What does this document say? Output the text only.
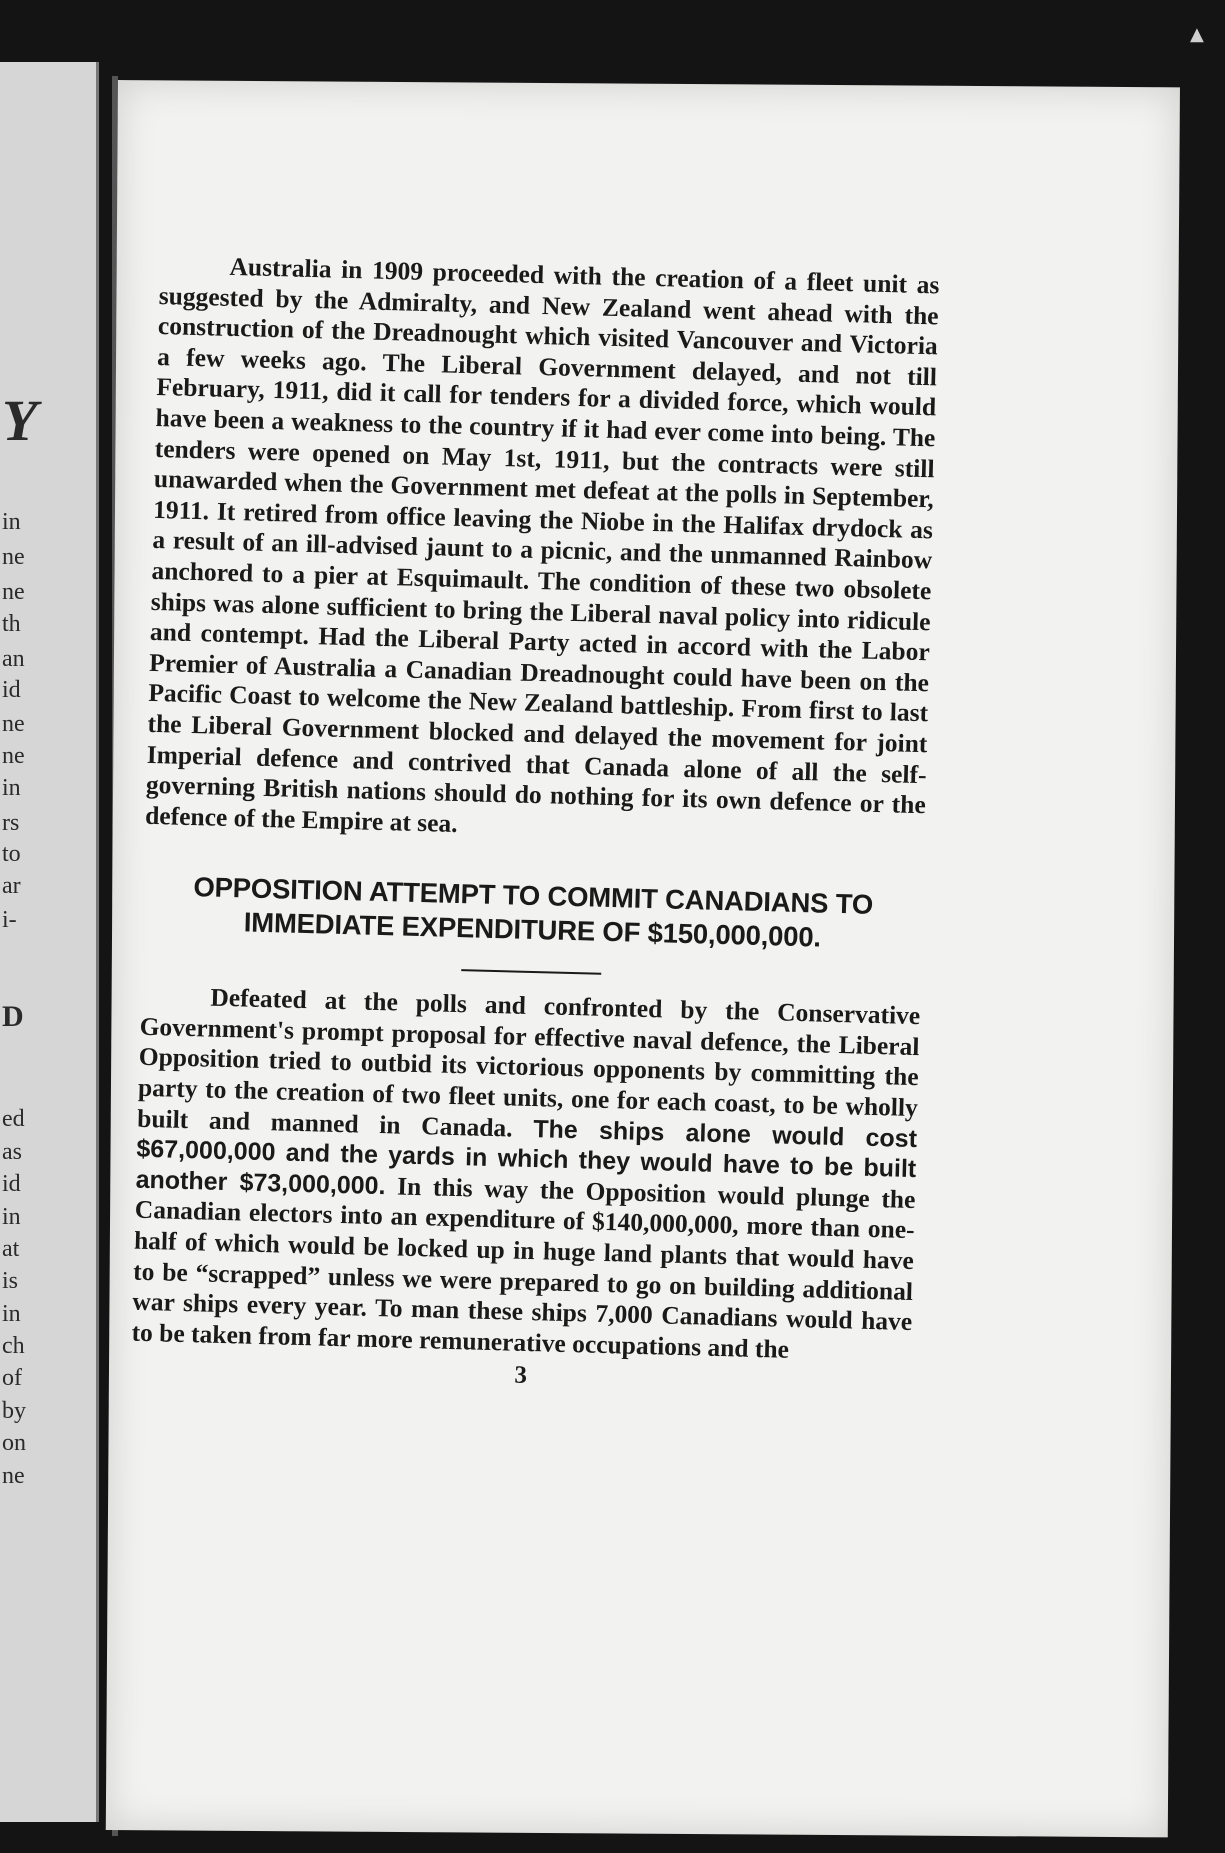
Y
in
ne
ne
th
an
id
ne
ne
in
rs
to
ar
i-
D
ed
as
id
in
at
is
in
ch
of
by
on
ne
▲

Australia in 1909 proceeded with the creation of a fleet unit as suggested by the Admiralty, and New Zealand went ahead with the construction of the Dreadnought which visited Vancouver and Victoria a few weeks ago. The Liberal Government delayed, and not till February, 1911, did it call for tenders for a divided force, which would have been a weakness to the country if it had ever come into being. The tenders were opened on May 1st, 1911, but the contracts were still unawarded when the Government met defeat at the polls in September, 1911. It retired from office leaving the Niobe in the Halifax drydock as a result of an ill-advised jaunt to a picnic, and the unmanned Rainbow anchored to a pier at Esquimault. The condition of these two obsolete ships was alone sufficient to bring the Liberal naval policy into ridicule and contempt. Had the Liberal Party acted in accord with the Labor Premier of Australia a Canadian Dreadnought could have been on the Pacific Coast to welcome the New Zealand battleship. From first to last the Liberal Government blocked and delayed the movement for joint Imperial defence and contrived that Canada alone of all the self-governing British nations should do nothing for its own defence or the defence of the Empire at sea.

OPPOSITION ATTEMPT TO COMMIT CANADIANS TO
IMMEDIATE EXPENDITURE OF $150,000,000.
Defeated at the polls and confronted by the Conservative Government's prompt proposal for effective naval defence, the Liberal Opposition tried to outbid its victorious opponents by committing the party to the creation of two fleet units, one for each coast, to be wholly built and manned in Canada. The ships alone would cost $67,000,000 and the yards in which they would have to be built another $73,000,000. In this way the Opposition would plunge the Canadian electors into an expenditure of $140,000,000, more than one-half of which would be locked up in huge land plants that would have to be “scrapped” unless we were prepared to go on building additional war ships every year. To man these ships 7,000 Canadians would have to be taken from far more remunerative occupations and the
3
